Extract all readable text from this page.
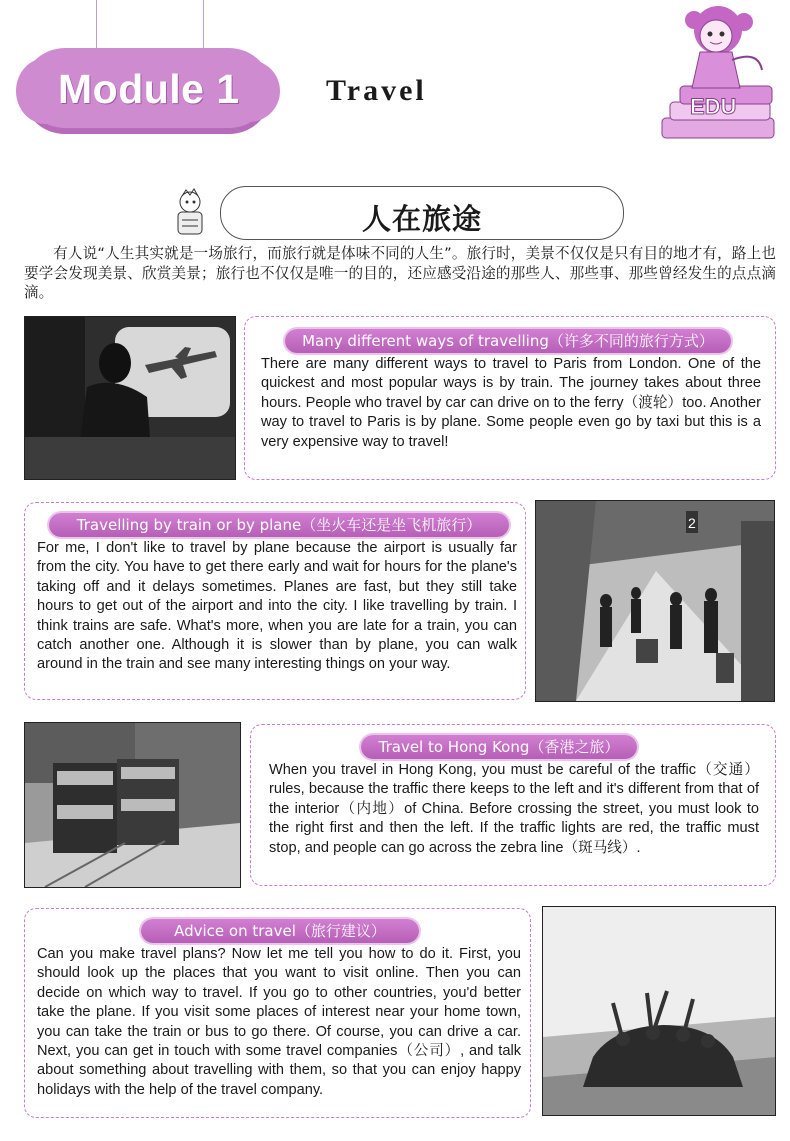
Module 1	Travel	EDU
人在旅途
有人说“人生其实就是一场旅行，而旅行就是体味不同的人生”。旅行时，美景不仅仅是只有目的地才有，路上也要学会发现美景、欣赏美景；旅行也不仅仅是唯一的目的，还应感受沿途的那些人、那些事、那些曾经发生的点点滴滴。
Many different ways of travelling（许多不同的旅行方式）
There are many different ways to travel to Paris from London. One of the quickest and most popular ways is by train. The journey takes about three hours. People who travel by car can drive on to the ferry（渡轮）too. Another way to travel to Paris is by plane. Some people even go by taxi but this is a very expensive way to travel!
Travelling by train or by plane（坐火车还是坐飞机旅行）
For me, I don't like to travel by plane because the airport is usually far from the city. You have to get there early and wait for hours for the plane's taking off and it delays sometimes. Planes are fast, but they still take hours to get out of the airport and into the city. I like travelling by train. I think trains are safe. What's more, when you are late for a train, you can catch another one. Although it is slower than by plane, you can walk around in the train and see many interesting things on your way.
2
Travel to Hong Kong（香港之旅）
When you travel in Hong Kong, you must be careful of the traffic（交通）rules, because the traffic there keeps to the left and it's different from that of the interior（内地）of China. Before crossing the street, you must look to the right first and then the left. If the traffic lights are red, the traffic must stop, and people can go across the zebra line（斑马线）.
Advice on travel（旅行建议）
Can you make travel plans? Now let me tell you how to do it. First, you should look up the places that you want to visit online. Then you can decide on which way to travel. If you go to other countries, you'd better take the plane. If you visit some places of interest near your home town, you can take the train or bus to go there. Of course, you can drive a car. Next, you can get in touch with some travel companies（公司）, and talk about something about travelling with them, so that you can enjoy happy holidays with the help of the travel company.
